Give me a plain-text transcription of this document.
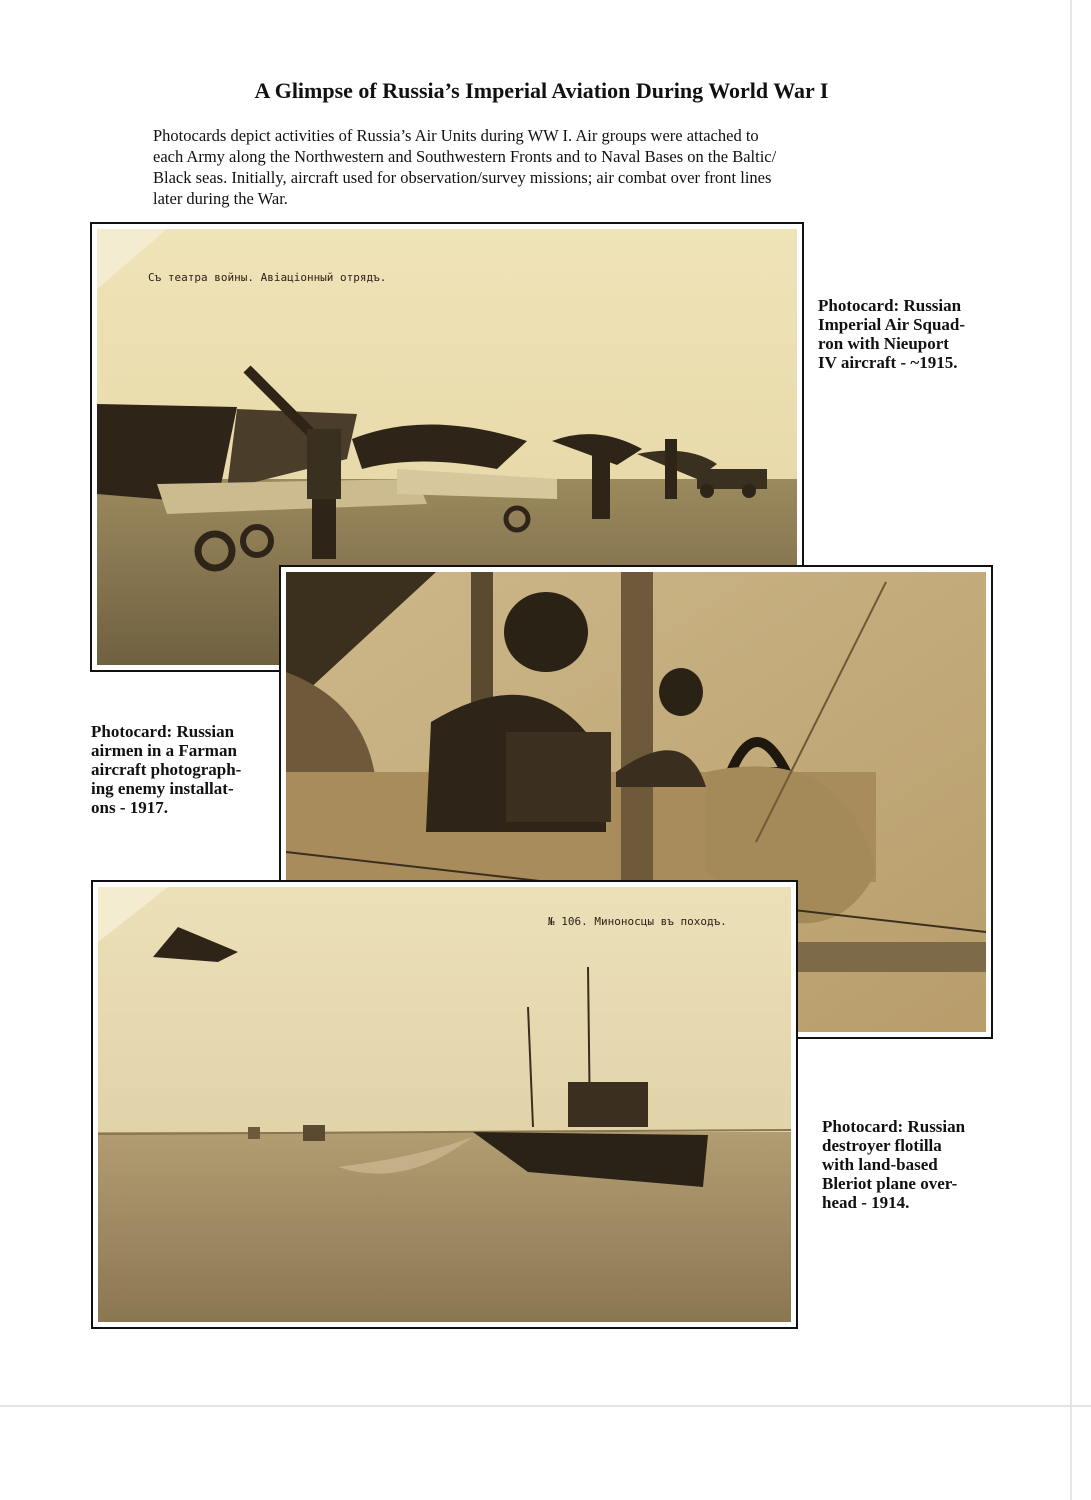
A Glimpse of Russia’s Imperial Aviation During World War I
Photocards depict activities of Russia’s Air Units during WW I. Air groups were attached to
each Army along the Northwestern and Southwestern Fronts and to Naval Bases on the Baltic/
Black seas. Initially, aircraft used for observation/survey missions; air combat over front lines
later during the War.
Съ театра войны. Авіаціонный отрядъ.
Photocard: Russian
Imperial Air Squad-
ron with Nieuport
IV aircraft - ~1915.
Photocard: Russian
airmen in a Farman
aircraft photograph-
ing enemy installat-
ons - 1917.
№ 106. Миноносцы въ походъ.
Photocard: Russian
destroyer flotilla
with land-based
Bleriot plane over-
head - 1914.
